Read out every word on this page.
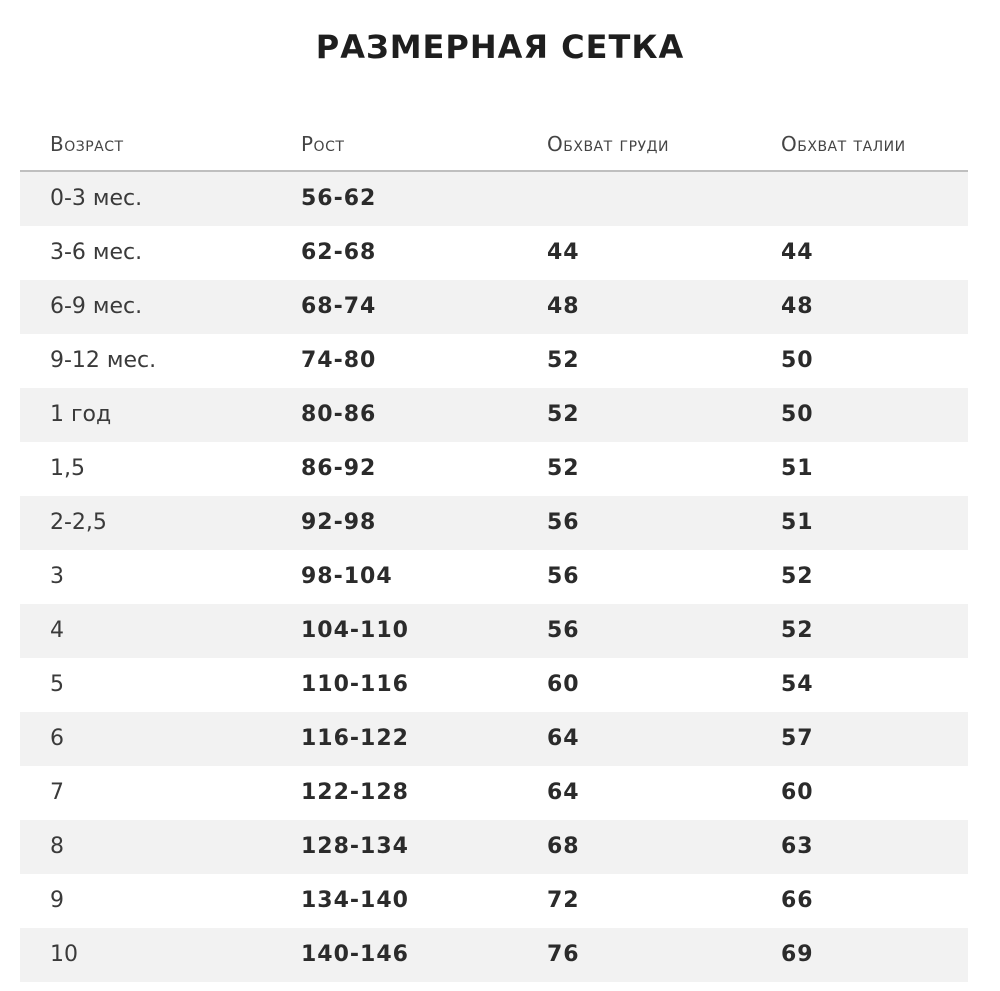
РАЗМЕРНАЯ СЕТКА
Возраст	Рост	Обхват груди	Обхват талии
0-3 мес.	56-62
3-6 мес.	62-68	44	44
6-9 мес.	68-74	48	48
9-12 мес.	74-80	52	50
1 год	80-86	52	50
1,5	86-92	52	51
2-2,5	92-98	56	51
3	98-104	56	52
4	104-110	56	52
5	110-116	60	54
6	116-122	64	57
7	122-128	64	60
8	128-134	68	63
9	134-140	72	66
10	140-146	76	69
